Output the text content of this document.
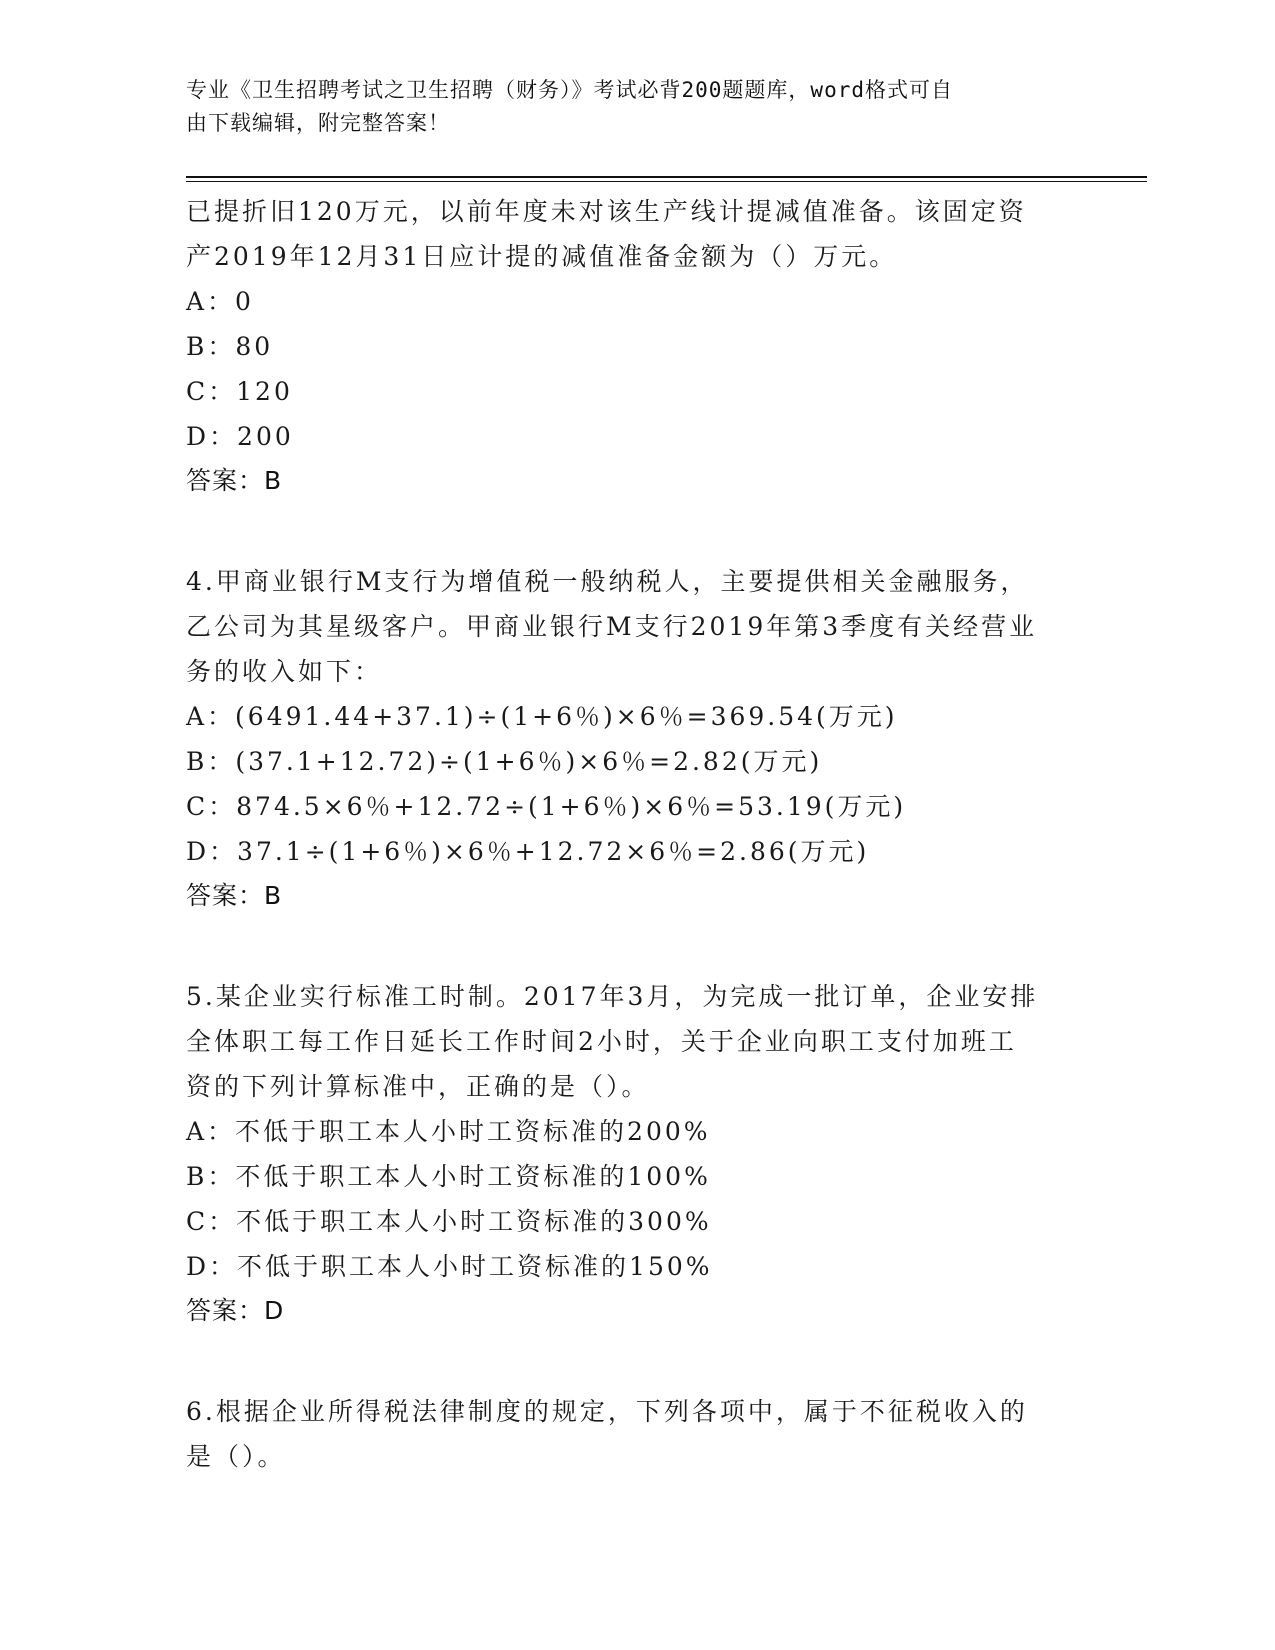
专业《卫生招聘考试之卫生招聘（财务）》考试必背200题题库，word格式可自
由下载编辑，附完整答案！
已提折旧120万元，以前年度未对该生产线计提减值准备。该固定资
产2019年12月31日应计提的减值准备金额为（）万元。
A：0
B：80
C：120
D：200
答案：B
4.甲商业银行M支行为增值税一般纳税人，主要提供相关金融服务，
乙公司为其星级客户。甲商业银行M支行2019年第3季度有关经营业
务的收入如下：
A：(6491.44+37.1)÷(1+6％)×6％=369.54(万元)
B：(37.1+12.72)÷(1+6％)×6％=2.82(万元)
C：874.5×6％+12.72÷(1+6％)×6％=53.19(万元)
D：37.1÷(1+6％)×6％+12.72×6％=2.86(万元)
答案：B
5.某企业实行标准工时制。2017年3月，为完成一批订单，企业安排
全体职工每工作日延长工作时间2小时，关于企业向职工支付加班工
资的下列计算标准中，正确的是（）。
A：不低于职工本人小时工资标准的200%
B：不低于职工本人小时工资标准的100%
C：不低于职工本人小时工资标准的300%
D：不低于职工本人小时工资标准的150%
答案：D
6.根据企业所得税法律制度的规定，下列各项中，属于不征税收入的
是（）。
